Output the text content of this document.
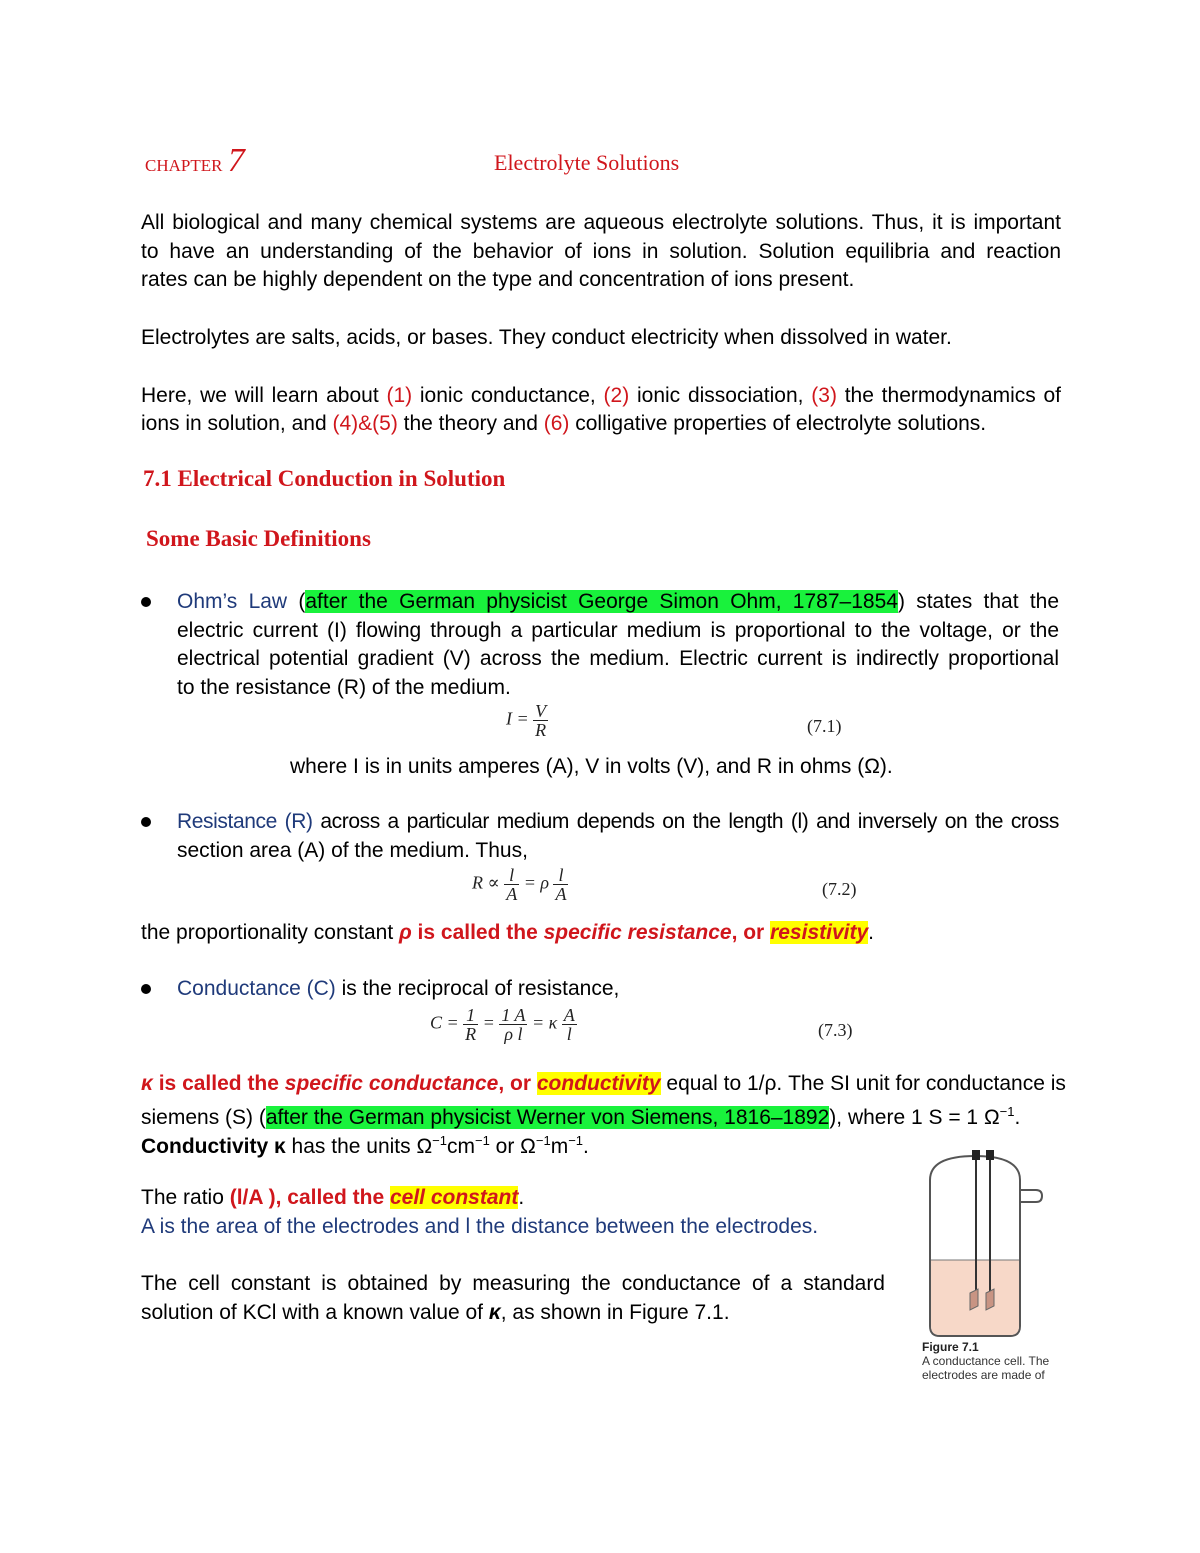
CHAPTER 7	Electrolyte Solutions
All biological and many chemical systems are aqueous electrolyte solutions. Thus, it is important
to have an understanding of the behavior of ions in solution. Solution equilibria and reaction
rates can be highly dependent on the type and concentration of ions present.
Electrolytes are salts, acids, or bases. They conduct electricity when dissolved in water.
Here, we will learn about (1) ionic conductance, (2) ionic dissociation, (3) the thermodynamics of
ions in solution, and (4)&(5) the theory and (6) colligative properties of electrolyte solutions.
7.1 Electrical Conduction in Solution
Some Basic Definitions
Ohm’s Law (after the German physicist George Simon Ohm, 1787–1854) states that the
electric current (I) flowing through a particular medium is proportional to the voltage, or the
electrical potential gradient (V) across the medium. Electric current is indirectly proportional
to the resistance (R) of the medium.
$I = \frac{V}{R}$	(7.1)
where I is in units amperes (A), V in volts (V), and R in ohms (Ω).
Resistance (R) across a particular medium depends on the length (l) and inversely on the cross
section area (A) of the medium. Thus,
$R \propto \frac{l}{A} = \rho \frac{l}{A}$	(7.2)
the proportionality constant ρ is called the specific resistance, or resistivity.
Conductance (C) is the reciprocal of resistance,
$C = \frac{1}{R} = \frac{1 A}{\text{ρ l}} = \kappa \frac{A}{l}$	(7.3)
κ is called the specific conductance, or conductivity equal to 1/ρ. The SI unit for conductance is
siemens (S) (after the German physicist Werner von Siemens, 1816–1892), where 1 S = 1 $\Omega^{-1}$.
Conductivity κ has the units $\Omega^{-1}cm^{-1}$ or $\Omega^{-1}m^{-1}$.
The ratio (l/A ), called the cell constant.
A is the area of the electrodes and l the distance between the electrodes.
The cell constant is obtained by measuring the conductance of a standard
solution of KCl with a known value of κ, as shown in Figure 7.1.
Figure 7.1
A conductance cell. The
electrodes are made of
